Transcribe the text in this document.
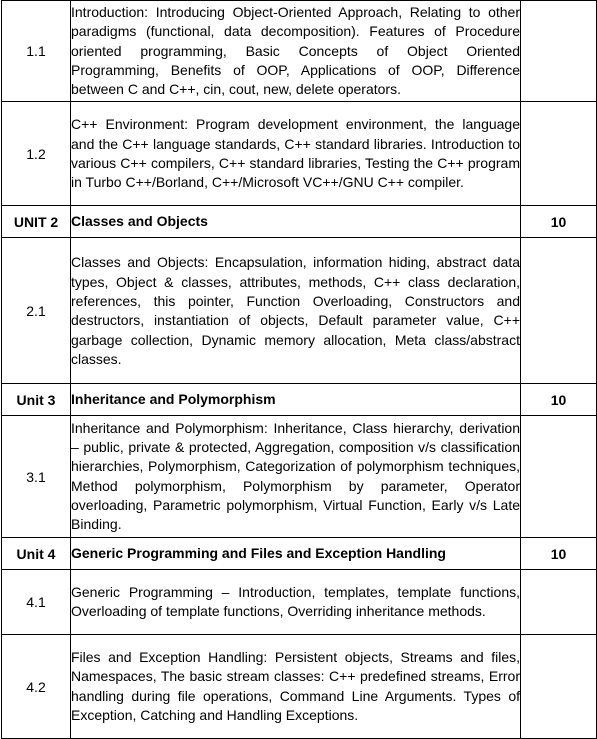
1.1	Introduction: Introducing Object-Oriented Approach, Relating to other paradigms (functional, data decomposition). Features of Procedure oriented programming, Basic Concepts of Object Oriented Programming, Benefits of OOP, Applications of OOP, Difference between C and C++, cin, cout, new, delete operators.	
1.2	C++ Environment: Program development environment, the language and the C++ language standards, C++ standard libraries. Introduction to various C++ compilers, C++ standard libraries, Testing the C++ program in Turbo C++/Borland, C++/Microsoft VC++/GNU C++ compiler.	
UNIT 2	Classes and Objects	10
2.1	Classes and Objects: Encapsulation, information hiding, abstract data types, Object & classes, attributes, methods, C++ class declaration, references, this pointer, Function Overloading, Constructors and destructors, instantiation of objects, Default parameter value, C++ garbage collection, Dynamic memory allocation, Meta class/abstract classes.	
Unit 3	Inheritance and Polymorphism	10
3.1	Inheritance and Polymorphism: Inheritance, Class hierarchy, derivation – public, private & protected, Aggregation, composition v/s classification hierarchies, Polymorphism, Categorization of polymorphism techniques, Method polymorphism, Polymorphism by parameter, Operator overloading, Parametric polymorphism, Virtual Function, Early v/s Late Binding.	
Unit 4	Generic Programming and Files and Exception Handling	10
4.1	Generic Programming – Introduction, templates, template functions, Overloading of template functions, Overriding inheritance methods.	
4.2	Files and Exception Handling: Persistent objects, Streams and files, Namespaces, The basic stream classes: C++ predefined streams, Error handling during file operations, Command Line Arguments. Types of Exception, Catching and Handling Exceptions.	
